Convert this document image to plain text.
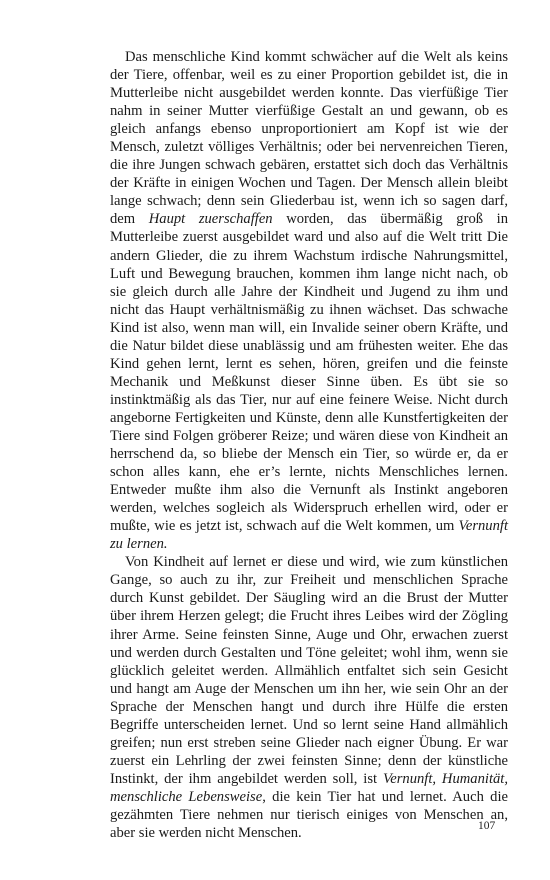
Das menschliche Kind kommt schwächer auf die Welt als keins der Tiere, offenbar, weil es zu einer Proportion gebildet ist, die in Mutterleibe nicht ausgebildet werden konnte. Das vierfüßige Tier nahm in seiner Mutter vierfüßige Gestalt an und gewann, ob es gleich anfangs ebenso unproportioniert am Kopf ist wie der Mensch, zuletzt völliges Verhältnis; oder bei nervenreichen Tieren, die ihre Jungen schwach gebären, erstattet sich doch das Verhältnis der Kräfte in einigen Wochen und Tagen. Der Mensch allein bleibt lange schwach; denn sein Gliederbau ist, wenn ich so sagen darf, dem Haupt zuerschaffen worden, das übermäßig groß in Mutterleibe zuerst ausgebildet ward und also auf die Welt tritt Die andern Glieder, die zu ihrem Wachstum irdische Nahrungsmittel, Luft und Bewegung brauchen, kommen ihm lange nicht nach, ob sie gleich durch alle Jahre der Kindheit und Jugend zu ihm und nicht das Haupt verhältnismäßig zu ihnen wächset. Das schwache Kind ist also, wenn man will, ein Invalide seiner obern Kräfte, und die Natur bildet diese unablässig und am frühesten weiter. Ehe das Kind gehen lernt, lernt es sehen, hören, greifen und die feinste Mechanik und Meßkunst dieser Sinne üben. Es übt sie so instinktmäßig als das Tier, nur auf eine feinere Weise. Nicht durch angeborne Fertigkeiten und Künste, denn alle Kunstfertigkeiten der Tiere sind Folgen gröberer Reize; und wären diese von Kindheit an herrschend da, so bliebe der Mensch ein Tier, so würde er, da er schon alles kann, ehe er’s lernte, nichts Menschliches lernen. Entweder mußte ihm also die Vernunft als Instinkt angeboren werden, welches sogleich als Widerspruch erhellen wird, oder er mußte, wie es jetzt ist, schwach auf die Welt kommen, um Vernunft zu lernen.

Von Kindheit auf lernet er diese und wird, wie zum künstlichen Gange, so auch zu ihr, zur Freiheit und menschlichen Sprache durch Kunst gebildet. Der Säugling wird an die Brust der Mutter über ihrem Herzen gelegt; die Frucht ihres Leibes wird der Zögling ihrer Arme. Seine feinsten Sinne, Auge und Ohr, erwachen zuerst und werden durch Gestalten und Töne geleitet; wohl ihm, wenn sie glücklich geleitet werden. Allmählich entfaltet sich sein Gesicht und hangt am Auge der Menschen um ihn her, wie sein Ohr an der Sprache der Menschen hangt und durch ihre Hülfe die ersten Begriffe unterscheiden lernet. Und so lernt seine Hand allmählich greifen; nun erst streben seine Glieder nach eigner Übung. Er war zuerst ein Lehrling der zwei feinsten Sinne; denn der künstliche Instinkt, der ihm angebildet werden soll, ist Vernunft, Humanität, menschliche Lebensweise, die kein Tier hat und lernet. Auch die gezähmten Tiere nehmen nur tierisch einiges von Menschen an, aber sie werden nicht Menschen.	107
